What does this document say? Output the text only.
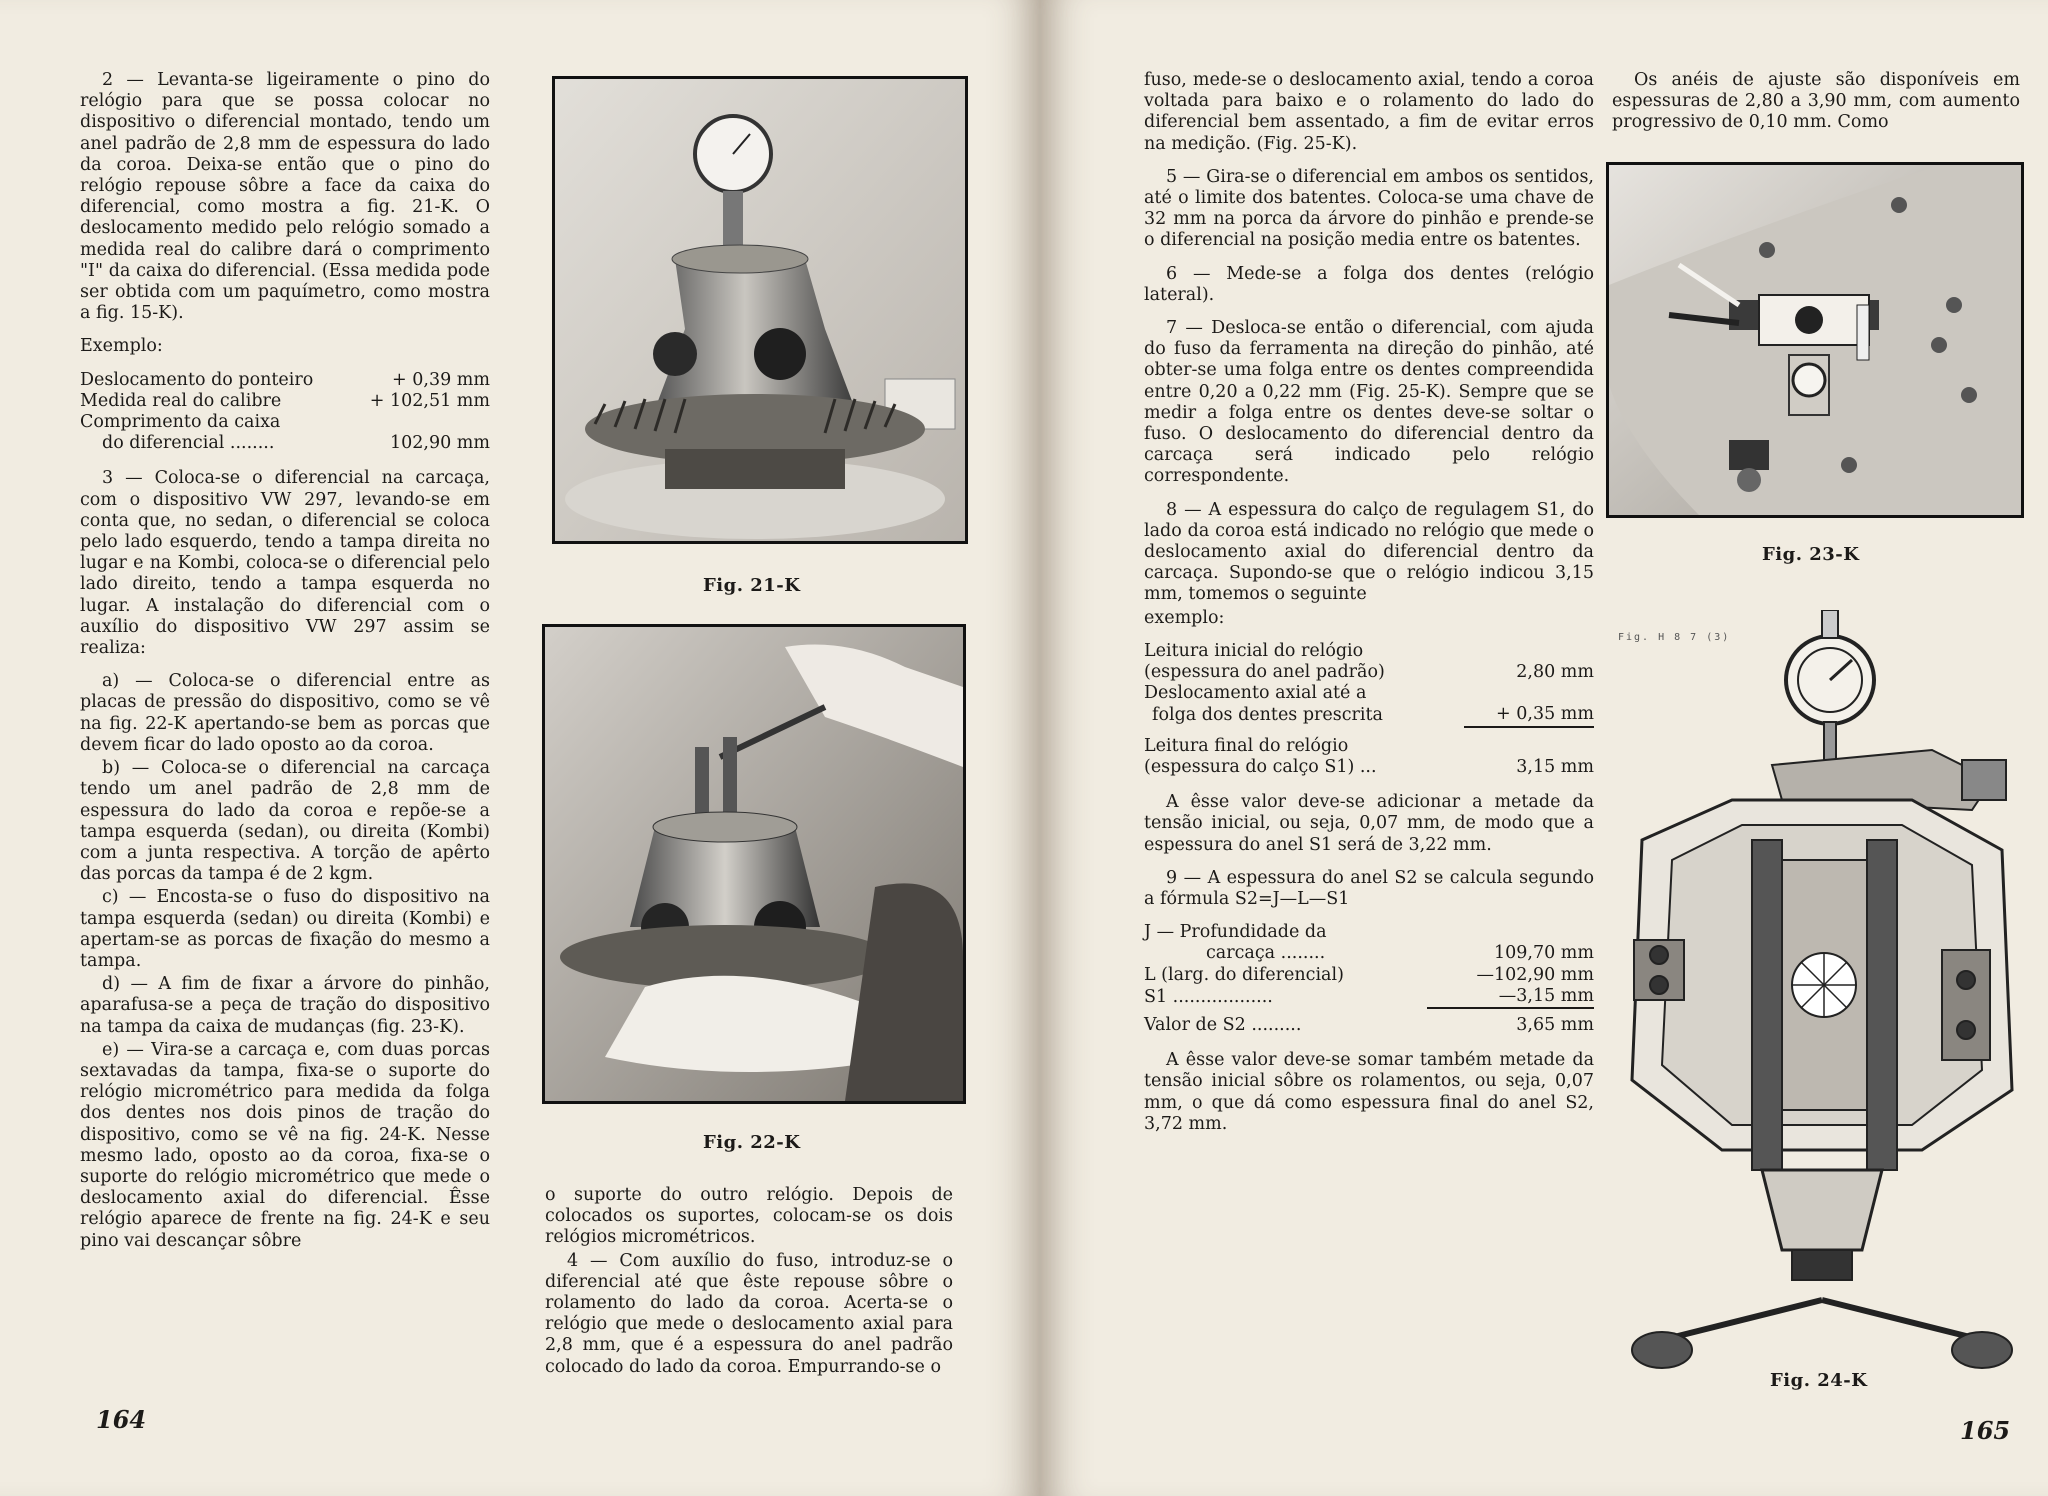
2 — Levanta-se ligeiramente o pino do relógio para que se possa colocar no dispositivo o diferencial montado, tendo um anel padrão de 2,8 mm de espessura do lado da coroa. Deixa-se então que o pino do relógio repouse sôbre a face da caixa do diferencial, como mostra a fig. 21-K. O deslocamento medido pelo relógio somado a medida real do calibre dará o comprimento "I" da caixa do diferencial. (Essa medida pode ser obtida com um paquímetro, como mostra a fig. 15-K).

Exemplo:

Deslocamento do ponteiro	+ 0,39 mm
Medida real do calibre	+ 102,51 mm
Comprimento da caixa	
do diferencial ........	102,90 mm

3 — Coloca-se o diferencial na carcaça, com o dispositivo VW 297, levando-se em conta que, no sedan, o diferencial se coloca pelo lado esquerdo, tendo a tampa direita no lugar e na Kombi, coloca-se o diferencial pelo lado direito, tendo a tampa esquerda no lugar. A instalação do diferencial com o auxílio do dispositivo VW 297 assim se realiza:

a) — Coloca-se o diferencial entre as placas de pressão do dispositivo, como se vê na fig. 22-K apertando-se bem as porcas que devem ficar do lado oposto ao da coroa.

b) — Coloca-se o diferencial na carcaça tendo um anel padrão de 2,8 mm de espessura do lado da coroa e repõe-se a tampa esquerda (sedan), ou direita (Kombi) com a junta respectiva. A torção de apêrto das porcas da tampa é de 2 kgm.

c) — Encosta-se o fuso do dispositivo na tampa esquerda (sedan) ou direita (Kombi) e apertam-se as porcas de fixação do mesmo a tampa.

d) — A fim de fixar a árvore do pinhão, aparafusa-se a peça de tração do dispositivo na tampa da caixa de mudanças (fig. 23-K).

e) — Vira-se a carcaça e, com duas porcas sextavadas da tampa, fixa-se o suporte do relógio micrométrico para medida da folga dos dentes nos dois pinos de tração do dispositivo, como se vê na fig. 24-K. Nesse mesmo lado, oposto ao da coroa, fixa-se o suporte do relógio micrométrico que mede o deslocamento axial do diferencial. Êsse relógio aparece de frente na fig. 24-K e seu pino vai descançar sôbre

Fig. 21-K
Fig. 22-K

o suporte do outro relógio. Depois de colocados os suportes, colocam-se os dois relógios micrométricos.

4 — Com auxílio do fuso, introduz-se o diferencial até que êste repouse sôbre o rolamento do lado da coroa. Acerta-se o relógio que mede o deslocamento axial para 2,8 mm, que é a espessura do anel padrão colocado do lado da coroa. Empurrando-se o

164

fuso, mede-se o deslocamento axial, tendo a coroa voltada para baixo e o rolamento do lado do diferencial bem assentado, a fim de evitar erros na medição. (Fig. 25-K).

5 — Gira-se o diferencial em ambos os sentidos, até o limite dos batentes. Coloca-se uma chave de 32 mm na porca da árvore do pinhão e prende-se o diferencial na posição media entre os batentes.

6 — Mede-se a folga dos dentes (relógio lateral).

7 — Desloca-se então o diferencial, com ajuda do fuso da ferramenta na direção do pinhão, até obter-se uma folga entre os dentes compreendida entre 0,20 a 0,22 mm (Fig. 25-K). Sempre que se medir a folga entre os dentes deve-se soltar o fuso. O deslocamento do diferencial dentro da carcaça será indicado pelo relógio correspondente.

8 — A espessura do calço de regulagem S1, do lado da coroa está indicado no relógio que mede o deslocamento axial do diferencial dentro da carcaça. Supondo-se que o relógio indicou 3,15 mm, tomemos o seguinte

exemplo:

Leitura inicial do relógio	
(espessura do anel padrão)	2,80 mm
Deslocamento axial até a	
folga dos dentes prescrita	+ 0,35 mm

Leitura final do relógio	
(espessura do calço S1) ...	3,15 mm

A êsse valor deve-se adicionar a metade da tensão inicial, ou seja, 0,07 mm, de modo que a espessura do anel S1 será de 3,22 mm.

9 — A espessura do anel S2 se calcula segundo a fórmula S2=J—L—S1

J — Profundidade da	
carcaça ........	109,70 mm
L (larg. do diferencial)	—102,90 mm
S1 ..................	—3,15 mm

Valor de S2 .........	3,65 mm

A êsse valor deve-se somar também metade da tensão inicial sôbre os rolamentos, ou seja, 0,07 mm, o que dá como espessura final do anel S2, 3,72 mm.

Os anéis de ajuste são disponíveis em espessuras de 2,80 a 3,90 mm, com aumento progressivo de 0,10 mm. Como

Fig. 23-K
Fig. H 8 7 (3)
Fig. 24-K
165
